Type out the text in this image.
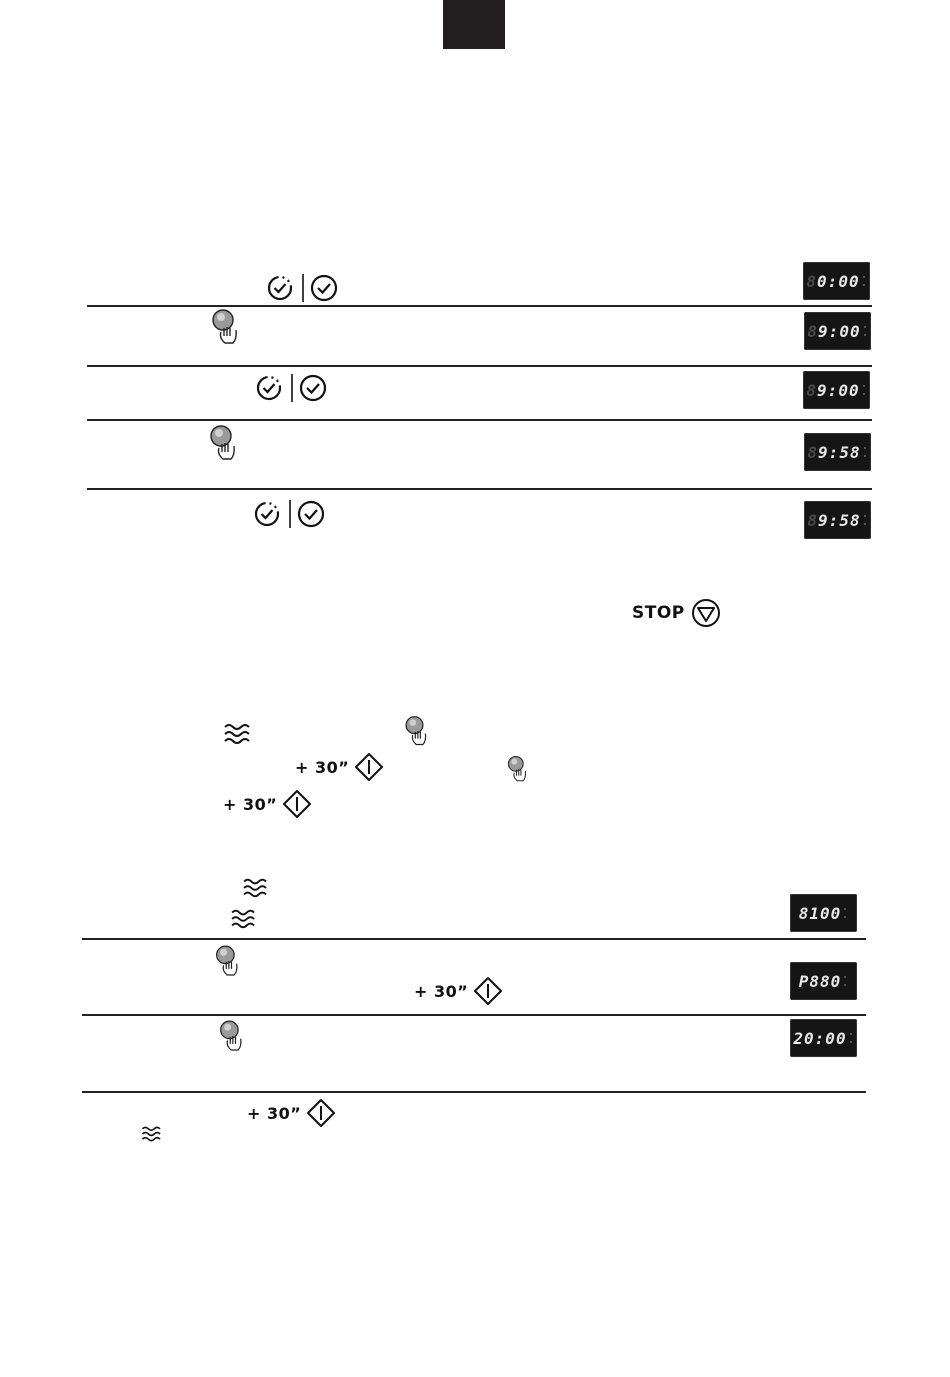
80:00
89:00
89:00
89:58
89:58
STOP
+ 30”
+ 30”
8100
+ 30”
P880
20:00
+ 30”
